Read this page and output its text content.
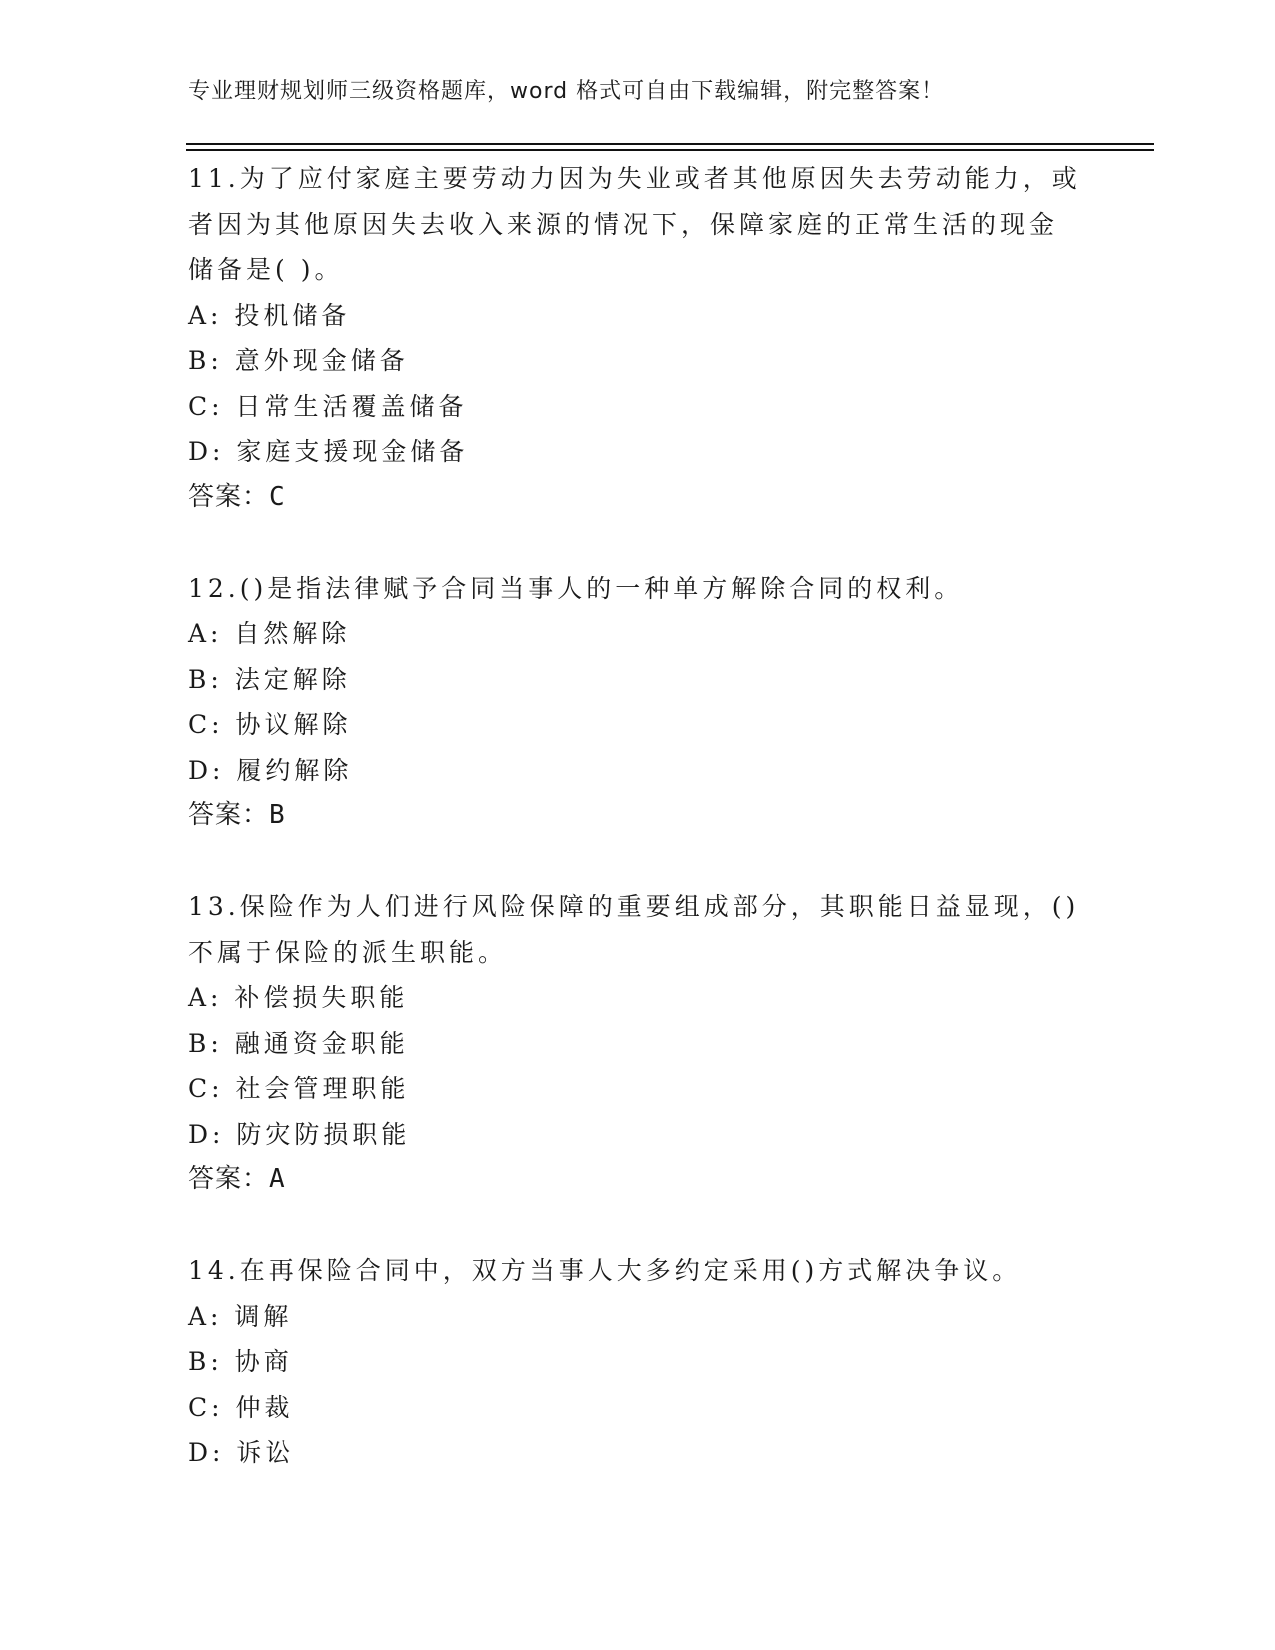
专业理财规划师三级资格题库，word 格式可自由下载编辑，附完整答案！
11.为了应付家庭主要劳动力因为失业或者其他原因失去劳动能力，或
者因为其他原因失去收入来源的情况下，保障家庭的正常生活的现金
储备是( )。
A: 投机储备
B: 意外现金储备
C: 日常生活覆盖储备
D: 家庭支援现金储备
答案：C
12.()是指法律赋予合同当事人的一种单方解除合同的权利。
A: 自然解除
B: 法定解除
C: 协议解除
D: 履约解除
答案：B
13.保险作为人们进行风险保障的重要组成部分，其职能日益显现，()
不属于保险的派生职能。
A: 补偿损失职能
B: 融通资金职能
C: 社会管理职能
D: 防灾防损职能
答案：A
14.在再保险合同中，双方当事人大多约定采用()方式解决争议。
A: 调解
B: 协商
C: 仲裁
D: 诉讼
